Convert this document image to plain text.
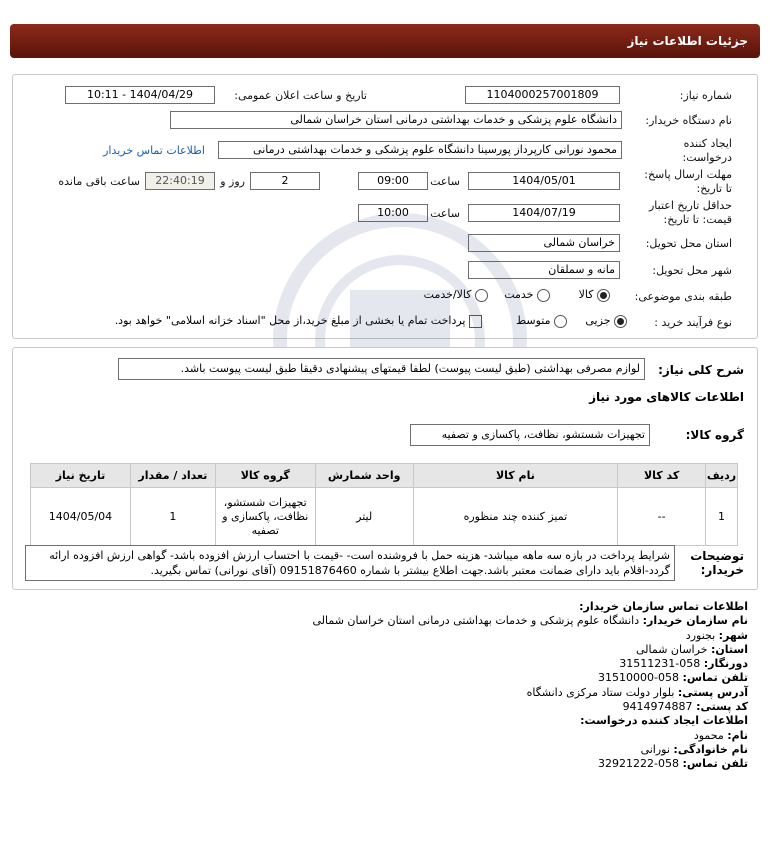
جزئیات اطلاعات نیاز
شماره نیاز:
1104000257001809
تاریخ و ساعت اعلان عمومی:
1404/04/29 - 10:11
نام دستگاه خریدار:
دانشگاه علوم پزشکی و خدمات بهداشتی درمانی استان خراسان شمالی
ایجاد کننده
درخواست:
محمود نورانی کارپرداز پورسینا دانشگاه علوم پزشکی و خدمات بهداشتی درمانی
اطلاعات تماس خریدار
مهلت ارسال پاسخ:
تا تاریخ:
1404/05/01
ساعت
09:00
2
روز و
22:40:19
ساعت باقی مانده
حداقل تاریخ اعتبار
قیمت: تا تاریخ:
1404/07/19
ساعت
10:00
استان محل تحویل:
خراسان شمالی
شهر محل تحویل:
مانه و سملقان
طبقه بندی موضوعی:
کالا
خدمت
کالا/خدمت
نوع فرآیند خرید :
جزیی
متوسط
پرداخت تمام یا بخشی از مبلغ خرید،از محل "اسناد خزانه اسلامی" خواهد بود.
شرح کلی نیاز:
لوازم مصرفی بهداشتی (طبق لیست پیوست) لطفا قیمتهای پیشنهادی دقیقا طبق لیست پیوست باشد.
اطلاعات کالاهای مورد نیاز
گروه کالا:
تجهیزات شستشو، نظافت، پاکسازی و تصفیه
ردیف	کد کالا	نام کالا	واحد شمارش	گروه کالا	تعداد / مقدار	تاریخ نیاز
1	--	تمیز کننده چند منظوره	لیتر	تجهیزات شستشو، نظافت، پاکسازی و تصفیه	1	1404/05/04
توضیحات
خریدار:
شرایط پرداخت در بازه سه ماهه میباشد- هزینه حمل با فروشنده است- -قیمت با احتساب ارزش افزوده باشد- گواهی ارزش افزوده ارائه گردد-اقلام باید دارای ضمانت معتبر باشد.جهت اطلاع بیشتر با شماره 09151876460 (آقای نورانی) تماس بگیرید.
اطلاعات تماس سازمان خریدار:
نام سازمان خریدار: دانشگاه علوم پزشکی و خدمات بهداشتی درمانی استان خراسان شمالی
شهر: بجنورد
استان: خراسان شمالی
دورنگار: 058-31511231
تلفن تماس: 058-31510000
آدرس پستی: بلوار دولت ستاد مرکزی دانشگاه
کد پستی: 9414974887
اطلاعات ایجاد کننده درخواست:
نام: محمود
نام خانوادگی: نورانی
تلفن تماس: 058-32921222
